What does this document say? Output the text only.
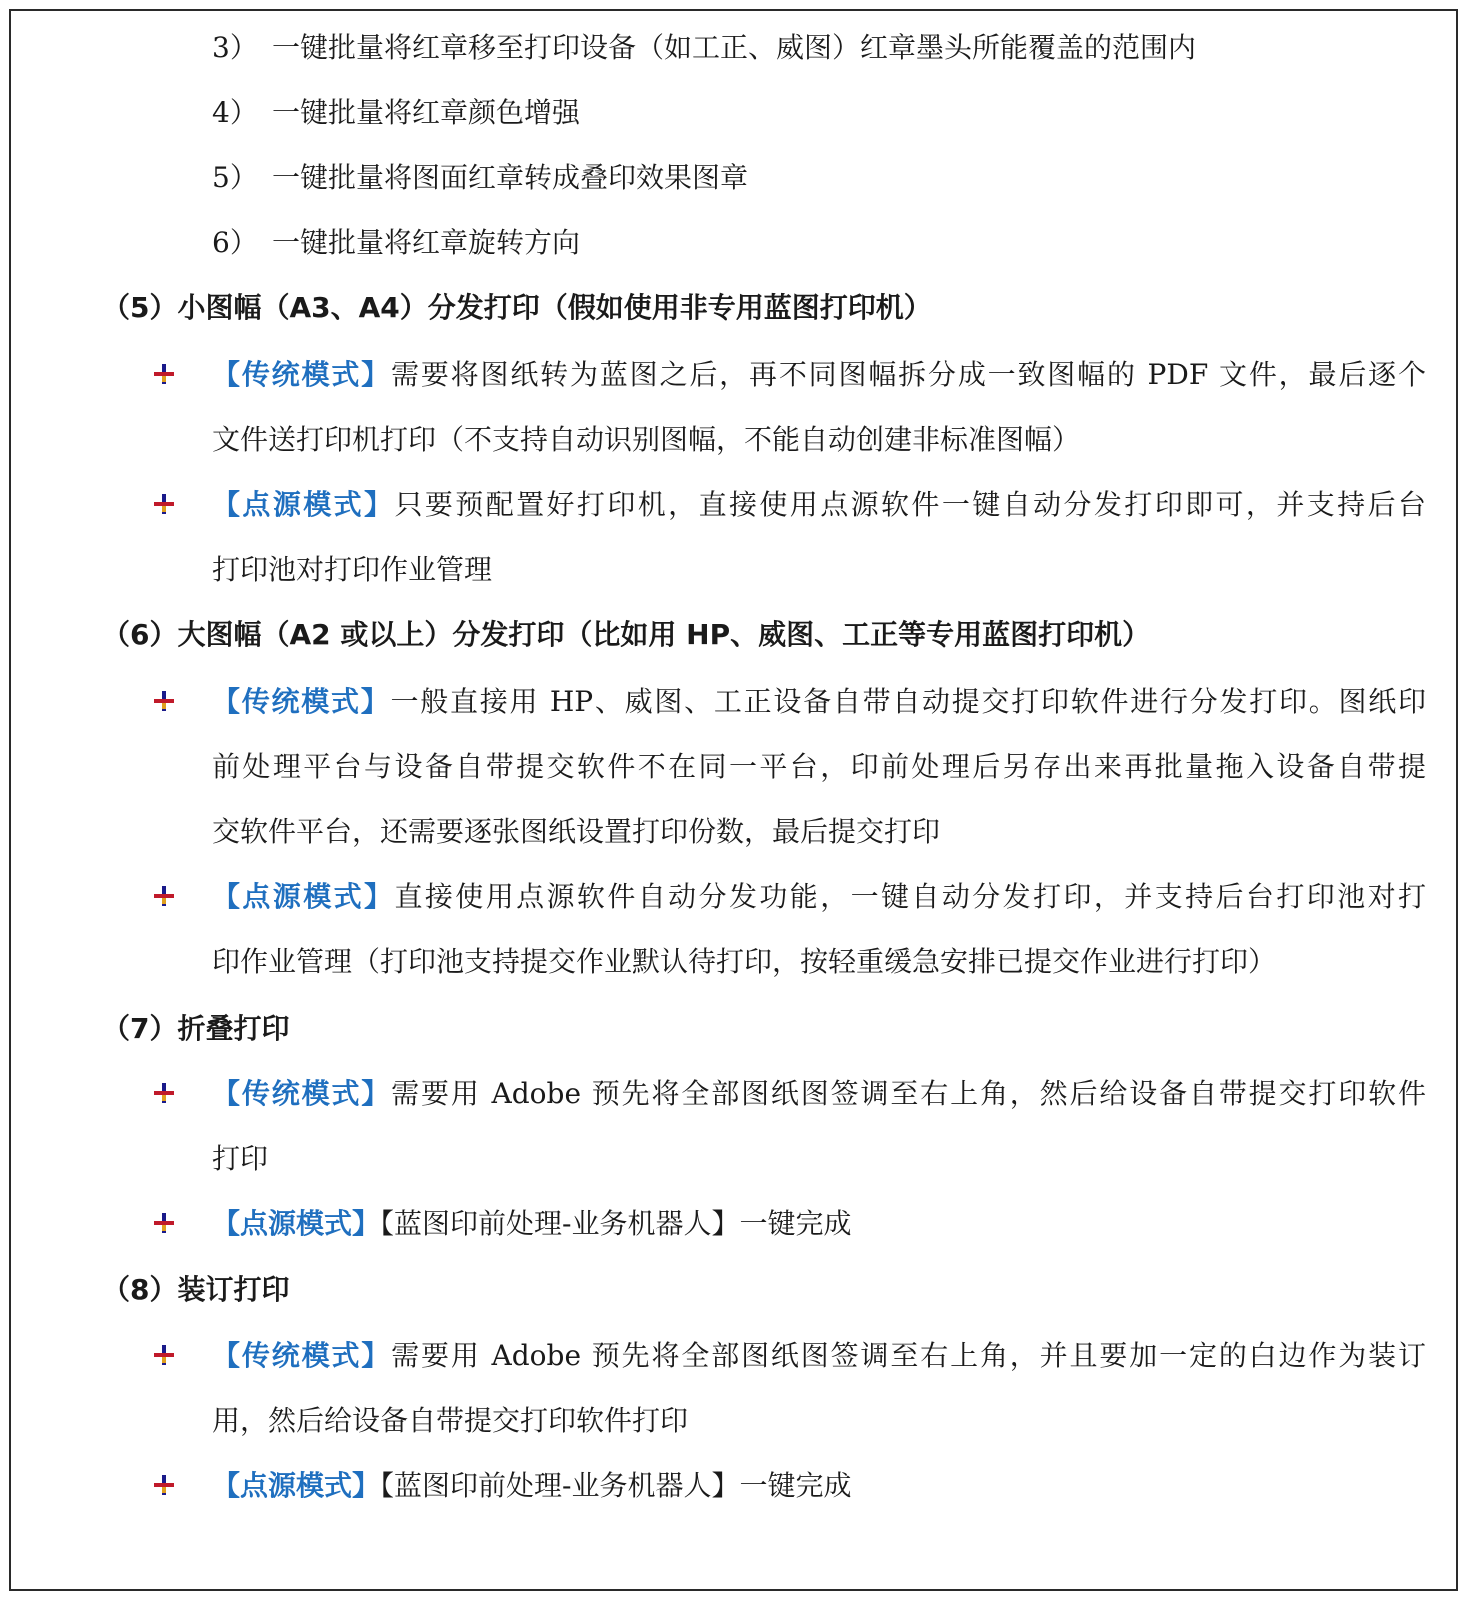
3） 一键批量将红章移至打印设备（如工正、威图）红章墨头所能覆盖的范围内
4） 一键批量将红章颜色增强
5） 一键批量将图面红章转成叠印效果图章
6） 一键批量将红章旋转方向
（5）小图幅（A3、A4）分发打印（假如使用非专用蓝图打印机）
【传统模式】需要将图纸转为蓝图之后，再不同图幅拆分成一致图幅的 PDF 文件，最后逐个
文件送打印机打印（不支持自动识别图幅，不能自动创建非标准图幅）
【点源模式】只要预配置好打印机，直接使用点源软件一键自动分发打印即可，并支持后台
打印池对打印作业管理
（6）大图幅（A2 或以上）分发打印（比如用 HP、威图、工正等专用蓝图打印机）
【传统模式】一般直接用 HP、威图、工正设备自带自动提交打印软件进行分发打印。图纸印
前处理平台与设备自带提交软件不在同一平台，印前处理后另存出来再批量拖入设备自带提
交软件平台，还需要逐张图纸设置打印份数，最后提交打印
【点源模式】直接使用点源软件自动分发功能，一键自动分发打印，并支持后台打印池对打
印作业管理（打印池支持提交作业默认待打印，按轻重缓急安排已提交作业进行打印）
（7）折叠打印
【传统模式】需要用 Adobe 预先将全部图纸图签调至右上角，然后给设备自带提交打印软件
打印
【点源模式】【蓝图印前处理-业务机器人】一键完成
（8）装订打印
【传统模式】需要用 Adobe 预先将全部图纸图签调至右上角，并且要加一定的白边作为装订
用，然后给设备自带提交打印软件打印
【点源模式】【蓝图印前处理-业务机器人】一键完成
